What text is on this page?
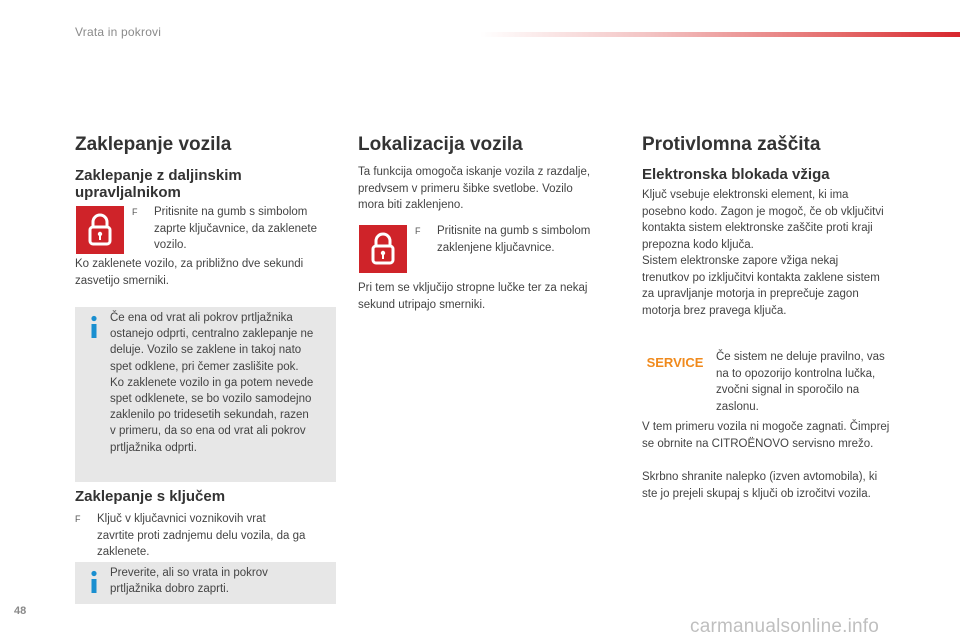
Vrata in pokrovi
Zaklepanje vozila
Zaklepanje z daljinskim
upravljalnikom
F Pritisnite na gumb s simbolom
zaprte ključavnice, da zaklenete
vozilo.
Ko zaklenete vozilo, za približno dve sekundi
zasvetijo smerniki.
Če ena od vrat ali pokrov prtljažnika
ostanejo odprti, centralno zaklepanje ne
deluje. Vozilo se zaklene in takoj nato
spet odklene, pri čemer zaslišite pok.
Ko zaklenete vozilo in ga potem nevede
spet odklenete, se bo vozilo samodejno
zaklenilo po tridesetih sekundah, razen
v primeru, da so ena od vrat ali pokrov
prtljažnika odprti.
Zaklepanje s ključem
F Ključ v ključavnici voznikovih vrat
zavrtite proti zadnjemu delu vozila, da ga
zaklenete.
Preverite, ali so vrata in pokrov
prtljažnika dobro zaprti.
Lokalizacija vozila
Ta funkcija omogoča iskanje vozila z razdalje,
predvsem v primeru šibke svetlobe. Vozilo
mora biti zaklenjeno.
F Pritisnite na gumb s simbolom
zaklenjene ključavnice.
Pri tem se vključijo stropne lučke ter za nekaj
sekund utripajo smerniki.
Protivlomna zaščita
Elektronska blokada vžiga
Ključ vsebuje elektronski element, ki ima
posebno kodo. Zagon je mogoč, če ob vključitvi
kontakta sistem elektronske zaščite proti kraji
prepozna kodo ključa.
Sistem elektronske zapore vžiga nekaj
trenutkov po izključitvi kontakta zaklene sistem
za upravljanje motorja in preprečuje zagon
motorja brez pravega ključa.
SERVICE Če sistem ne deluje pravilno, vas
na to opozorijo kontrolna lučka,
zvočni signal in sporočilo na
zaslonu.
V tem primeru vozila ni mogoče zagnati. Čimprej
se obrnite na CITROËNOVO servisno mrežo.
Skrbno shranite nalepko (izven avtomobila), ki
ste jo prejeli skupaj s ključi ob izročitvi vozila.
48
carmanualsonline.info
